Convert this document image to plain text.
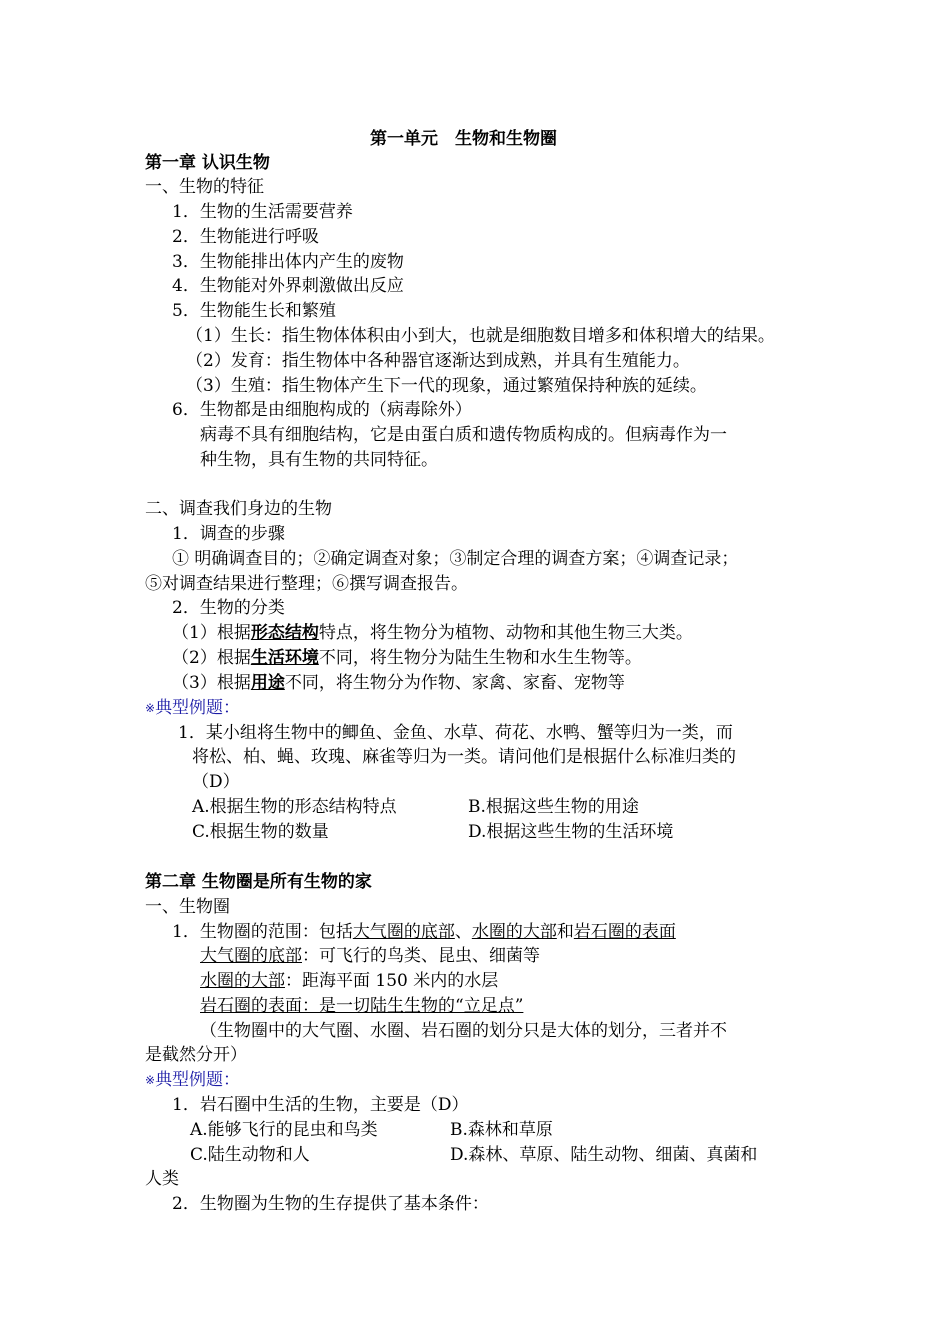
第一单元　生物和生物圈
第一章 认识生物
一、生物的特征
1．生物的生活需要营养
2．生物能进行呼吸
3．生物能排出体内产生的废物
4．生物能对外界刺激做出反应
5．生物能生长和繁殖
（1）生长：指生物体体积由小到大，也就是细胞数目增多和体积增大的结果。
（2）发育：指生物体中各种器官逐渐达到成熟，并具有生殖能力。
（3）生殖：指生物体产生下一代的现象，通过繁殖保持种族的延续。
6．生物都是由细胞构成的（病毒除外）
病毒不具有细胞结构，它是由蛋白质和遗传物质构成的。但病毒作为一
种生物，具有生物的共同特征。
二、调查我们身边的生物
1．调查的步骤
① 明确调查目的；②确定调查对象；③制定合理的调查方案；④调查记录；
⑤对调查结果进行整理；⑥撰写调查报告。
2．生物的分类
（1）根据形态结构特点，将生物分为植物、动物和其他生物三大类。
（2）根据生活环境不同，将生物分为陆生生物和水生生物等。
（3）根据用途不同，将生物分为作物、家禽、家畜、宠物等
※典型例题：
1．某小组将生物中的鲫鱼、金鱼、水草、荷花、水鸭、蟹等归为一类，而
将松、柏、蝇、玫瑰、麻雀等归为一类。请问他们是根据什么标准归类的
（D）
A.根据生物的形态结构特点	B.根据这些生物的用途
C.根据生物的数量	D.根据这些生物的生活环境
第二章 生物圈是所有生物的家
一、生物圈
1．生物圈的范围：包括大气圈的底部、水圈的大部和岩石圈的表面
大气圈的底部：可飞行的鸟类、昆虫、细菌等
水圈的大部：距海平面 150 米内的水层
岩石圈的表面：是一切陆生生物的“立足点”
（生物圈中的大气圈、水圈、岩石圈的划分只是大体的划分，三者并不
是截然分开）
※典型例题：
1．岩石圈中生活的生物，主要是（D）
A.能够飞行的昆虫和鸟类	B.森林和草原
C.陆生动物和人	D.森林、草原、陆生动物、细菌、真菌和
人类
2．生物圈为生物的生存提供了基本条件：
